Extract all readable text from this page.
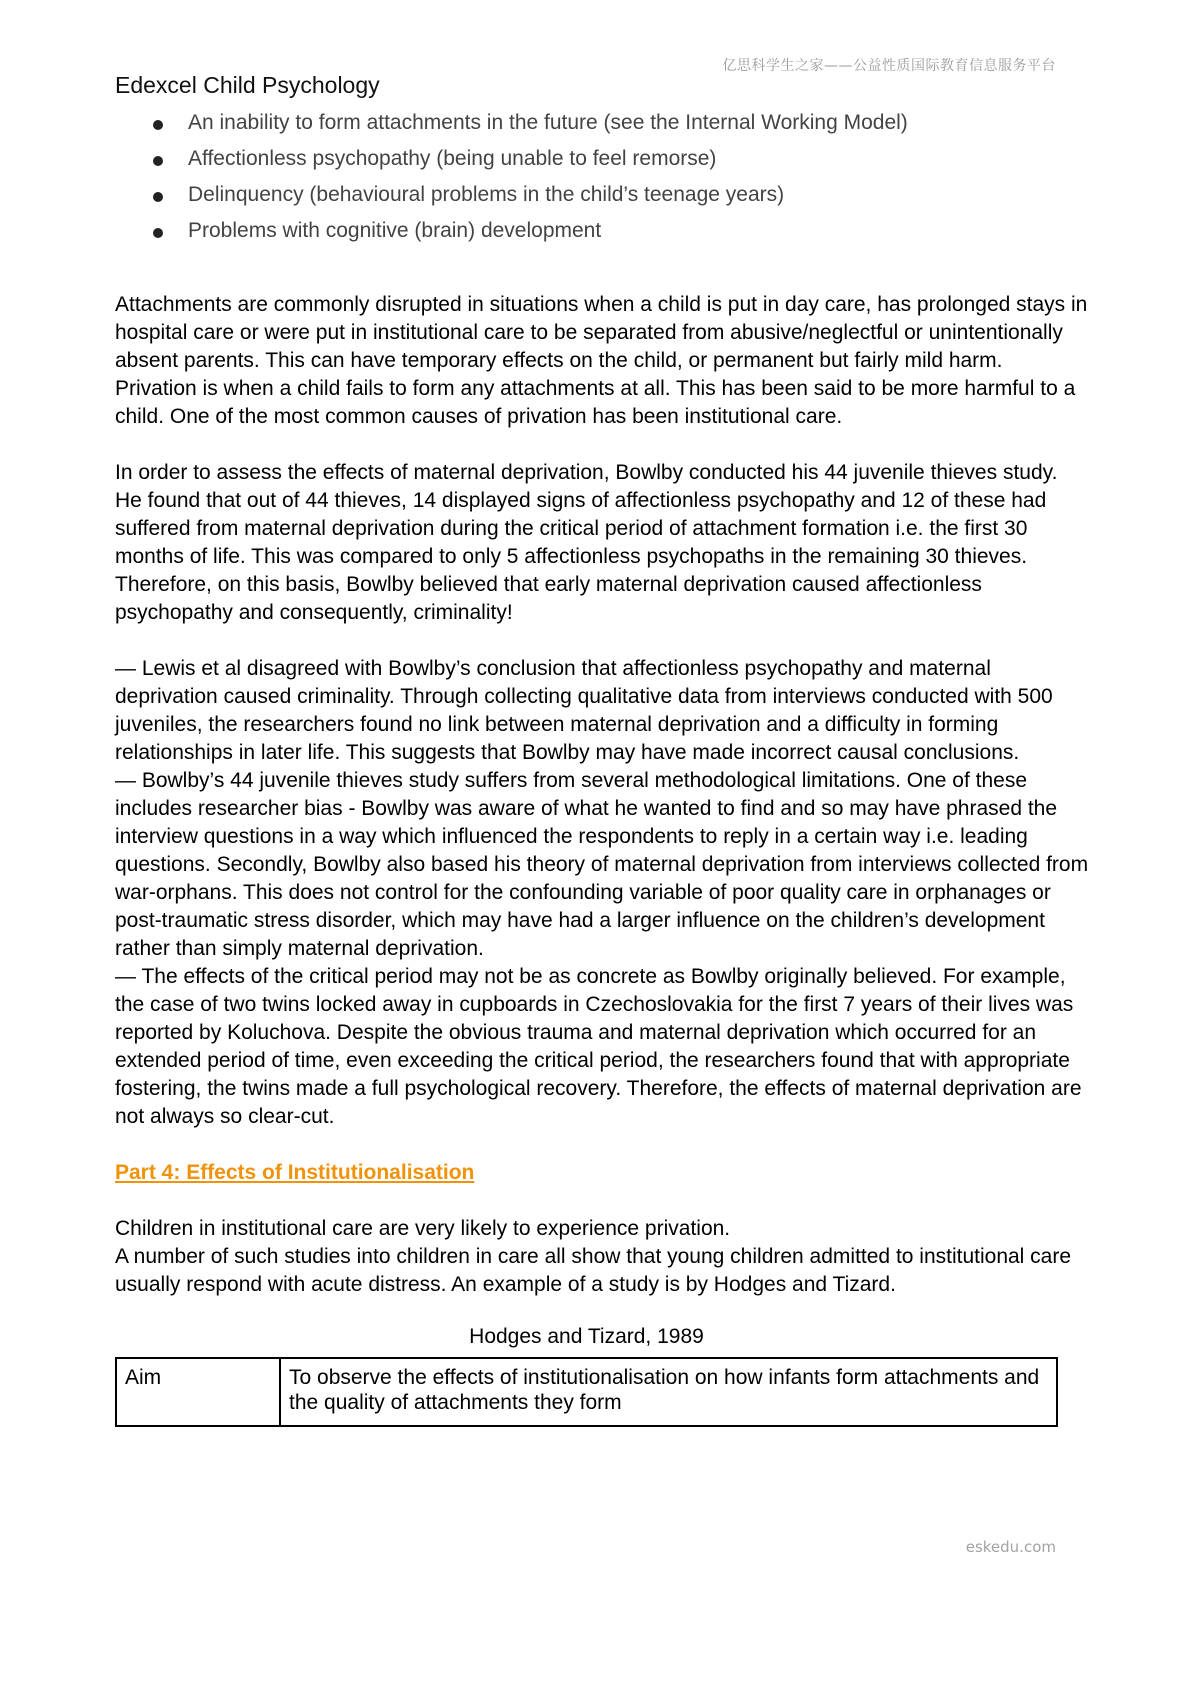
亿思科学生之家——公益性质国际教育信息服务平台
Edexcel Child Psychology
An inability to form attachments in the future (see the Internal Working Model)
Affectionless psychopathy (being unable to feel remorse)
Delinquency (behavioural problems in the child’s teenage years)
Problems with cognitive (brain) development

Attachments are commonly disrupted in situations when a child is put in day care, has prolonged stays in hospital care or were put in institutional care to be separated from abusive/neglectful or unintentionally absent parents. This can have temporary effects on the child, or permanent but fairly mild harm. Privation is when a child fails to form any attachments at all. This has been said to be more harmful to a child. One of the most common causes of privation has been institutional care.

In order to assess the effects of maternal deprivation, Bowlby conducted his 44 juvenile thieves study. He found that out of 44 thieves, 14 displayed signs of affectionless psychopathy and 12 of these had suffered from maternal deprivation during the critical period of attachment formation i.e. the first 30 months of life. This was compared to only 5 affectionless psychopaths in the remaining 30 thieves. Therefore, on this basis, Bowlby believed that early maternal deprivation caused affectionless psychopathy and consequently, criminality!

— Lewis et al disagreed with Bowlby’s conclusion that affectionless psychopathy and maternal deprivation caused criminality. Through collecting qualitative data from interviews conducted with 500 juveniles, the researchers found no link between maternal deprivation and a difficulty in forming relationships in later life. This suggests that Bowlby may have made incorrect causal conclusions.

— Bowlby’s 44 juvenile thieves study suffers from several methodological limitations. One of these includes researcher bias - Bowlby was aware of what he wanted to find and so may have phrased the interview questions in a way which influenced the respondents to reply in a certain way i.e. leading questions. Secondly, Bowlby also based his theory of maternal deprivation from interviews collected from war-orphans. This does not control for the confounding variable of poor quality care in orphanages or post-traumatic stress disorder, which may have had a larger influence on the children’s development rather than simply maternal deprivation.

— The effects of the critical period may not be as concrete as Bowlby originally believed. For example, the case of two twins locked away in cupboards in Czechoslovakia for the first 7 years of their lives was reported by Koluchova. Despite the obvious trauma and maternal deprivation which occurred for an extended period of time, even exceeding the critical period, the researchers found that with appropriate fostering, the twins made a full psychological recovery. Therefore, the effects of maternal deprivation are not always so clear-cut.

Part 4: Effects of Institutionalisation

Children in institutional care are very likely to experience privation.

A number of such studies into children in care all show that young children admitted to institutional care usually respond with acute distress. An example of a study is by Hodges and Tizard.

Hodges and Tizard, 1989

Aim	To observe the effects of institutionalisation on how infants form attachments and the quality of attachments they form
eskedu.com
